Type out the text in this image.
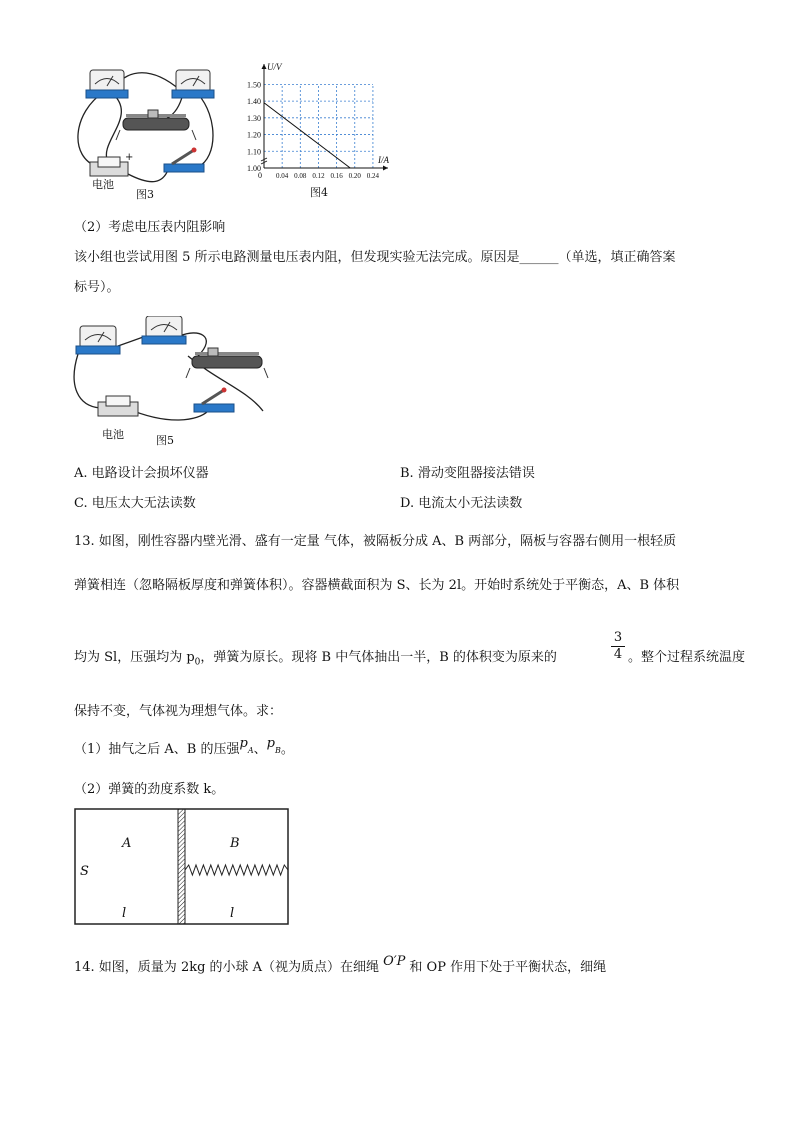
+
电池
图3
0.04 0.08 0.12 0.16 0.20 0.24
1.00
1.10
1.20
1.30
1.40
1.50
U/V
I/A
0
图4
（2）考虑电压表内阻影响
该小组也尝试用图 5 所示电路测量电压表内阻，但发现实验无法完成。原因是______（单选，填正确答案
标号）。
电池	图5
A. 电路设计会损坏仪器	B. 滑动变阻器接法错误
C. 电压太大无法读数	D. 电流太小无法读数
13. 如图，刚性容器内壁光滑、盛有一定量 气体，被隔板分成 A、B 两部分，隔板与容器右侧用一根轻质
弹簧相连（忽略隔板厚度和弹簧体积）。容器横截面积为 S、长为 2l。开始时系统处于平衡态，A、B 体积
均为 Sl，压强均为 $p_0$，弹簧为原长。现将 B 中气体抽出一半，B 的体积变为原来的
3
4 。整个过程系统温度
保持不变，气体视为理想气体。求：
（1）抽气之后 A、B 的压强$p_A$、$p_B$。
（2）弹簧的劲度系数 k。
A	B
S
l	l
14. 如图，质量为 2kg 的小球 A（视为质点）在细绳 O′P 和 OP 作用下处于平衡状态，细绳
